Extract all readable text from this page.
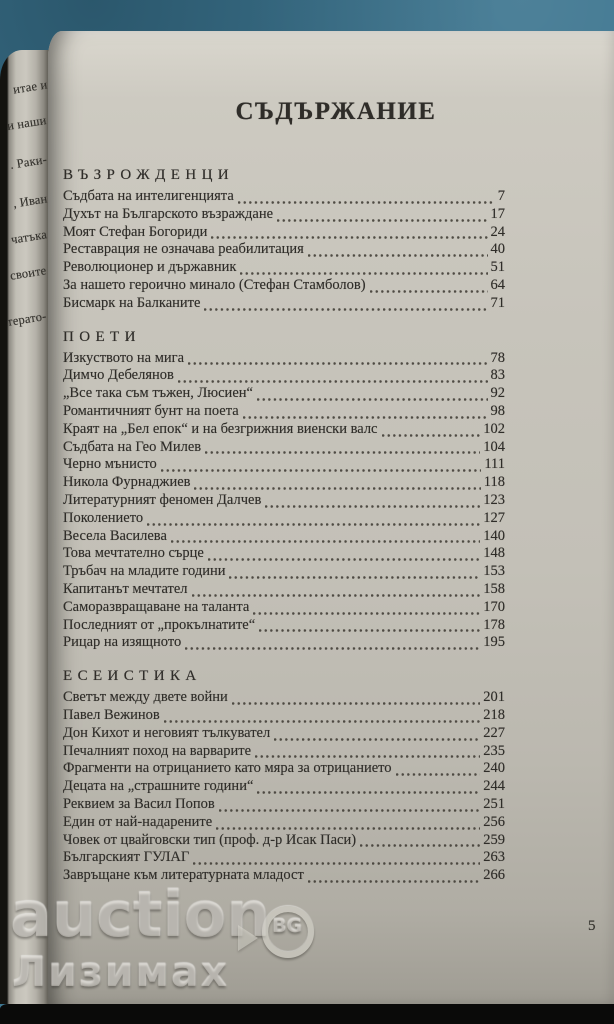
итае и
и наши
. Раки-
, Иван
чатъка
своите
терато-
СЪДЪРЖАНИЕ
ВЪЗРОЖДЕНЦИ
Съдбата на интелигенцията	7
Духът на Българското възраждане	17
Моят Стефан Богориди	24
Реставрация не означава реабилитация	40
Революционер и държавник	51
За нашето героично минало (Стефан Стамболов)	64
Бисмарк на Балканите	71
ПОЕТИ
Изкуството на мига	78
Димчо Дебелянов	83
„Все така съм тъжен, Люсиен“	92
Романтичният бунт на поета	98
Краят на „Бел епок“ и на безгрижния виенски валс	102
Съдбата на Гео Милев	104
Черно мънисто	111
Никола Фурнаджиев	118
Литературният феномен Далчев	123
Поколението	127
Весела Василева	140
Това мечтателно сърце	148
Тръбач на младите години	153
Капитанът мечтател	158
Саморазвращаване на таланта	170
Последният от „прокълнатите“	178
Рицар на изящното	195
ЕСЕИСТИКА
Светът между двете войни	201
Павел Вежинов	218
Дон Кихот и неговият тълкувател	227
Печалният поход на варварите	235
Фрагменти на отрицанието като мяра за отрицанието	240
Децата на „страшните години“	244
Реквием за Васил Попов	251
Един от най-надарените	256
Човек от цвайговски тип (проф. д-р Исак Паси)	259
Българският ГУЛАГ	263
Завръщане към литературната младост	266
5
auction BG
Лизимах
